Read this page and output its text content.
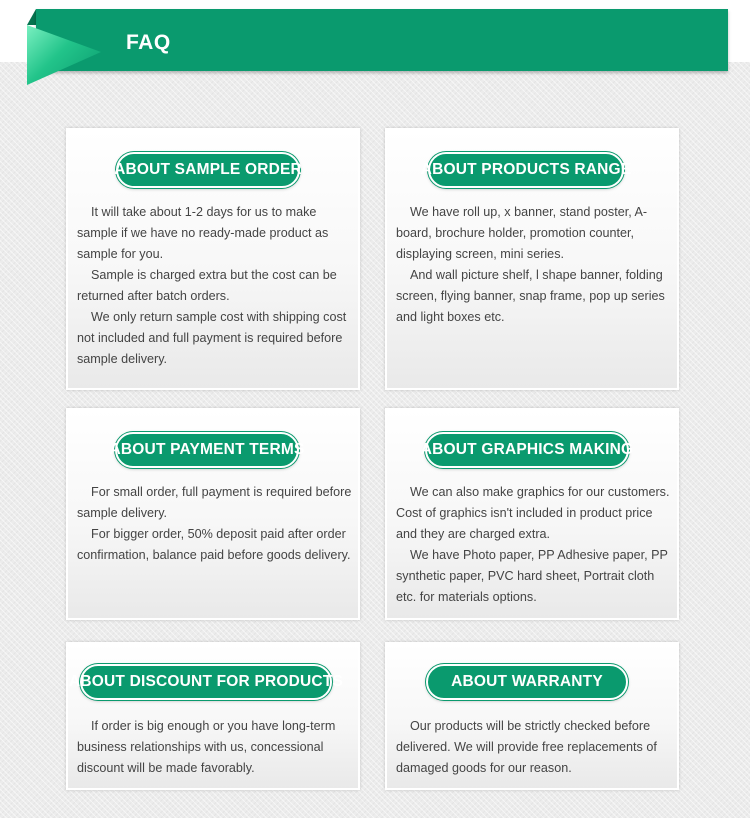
FAQ
ABOUT SAMPLE ORDER

It will take about 1-2 days for us to make sample if we have no ready-made product as sample for you.

Sample is charged extra but the cost can be returned after batch orders.

We only return sample cost with shipping cost not included and full payment is required before sample delivery.

ABOUT PRODUCTS RANGE

We have roll up, x banner, stand poster, A-board, brochure holder, promotion counter, displaying screen, mini series.

And wall picture shelf, l shape banner, folding screen, flying banner, snap frame, pop up series and light boxes etc.

ABOUT PAYMENT TERMS

For small order, full payment is required before sample delivery.

For bigger order, 50% deposit paid after order confirmation, balance paid before goods delivery.

ABOUT GRAPHICS MAKING

We can also make graphics for our customers. Cost of graphics isn't included in product price and they are charged extra.

We have Photo paper, PP Adhesive paper, PP synthetic paper, PVC hard sheet, Portrait cloth etc. for materials options.

ABOUT DISCOUNT FOR PRODUCTS

If order is big enough or you have long-term business relationships with us, concessional discount will be made favorably.

ABOUT WARRANTY

Our products will be strictly checked before delivered. We will provide free replacements of damaged goods for our reason.
